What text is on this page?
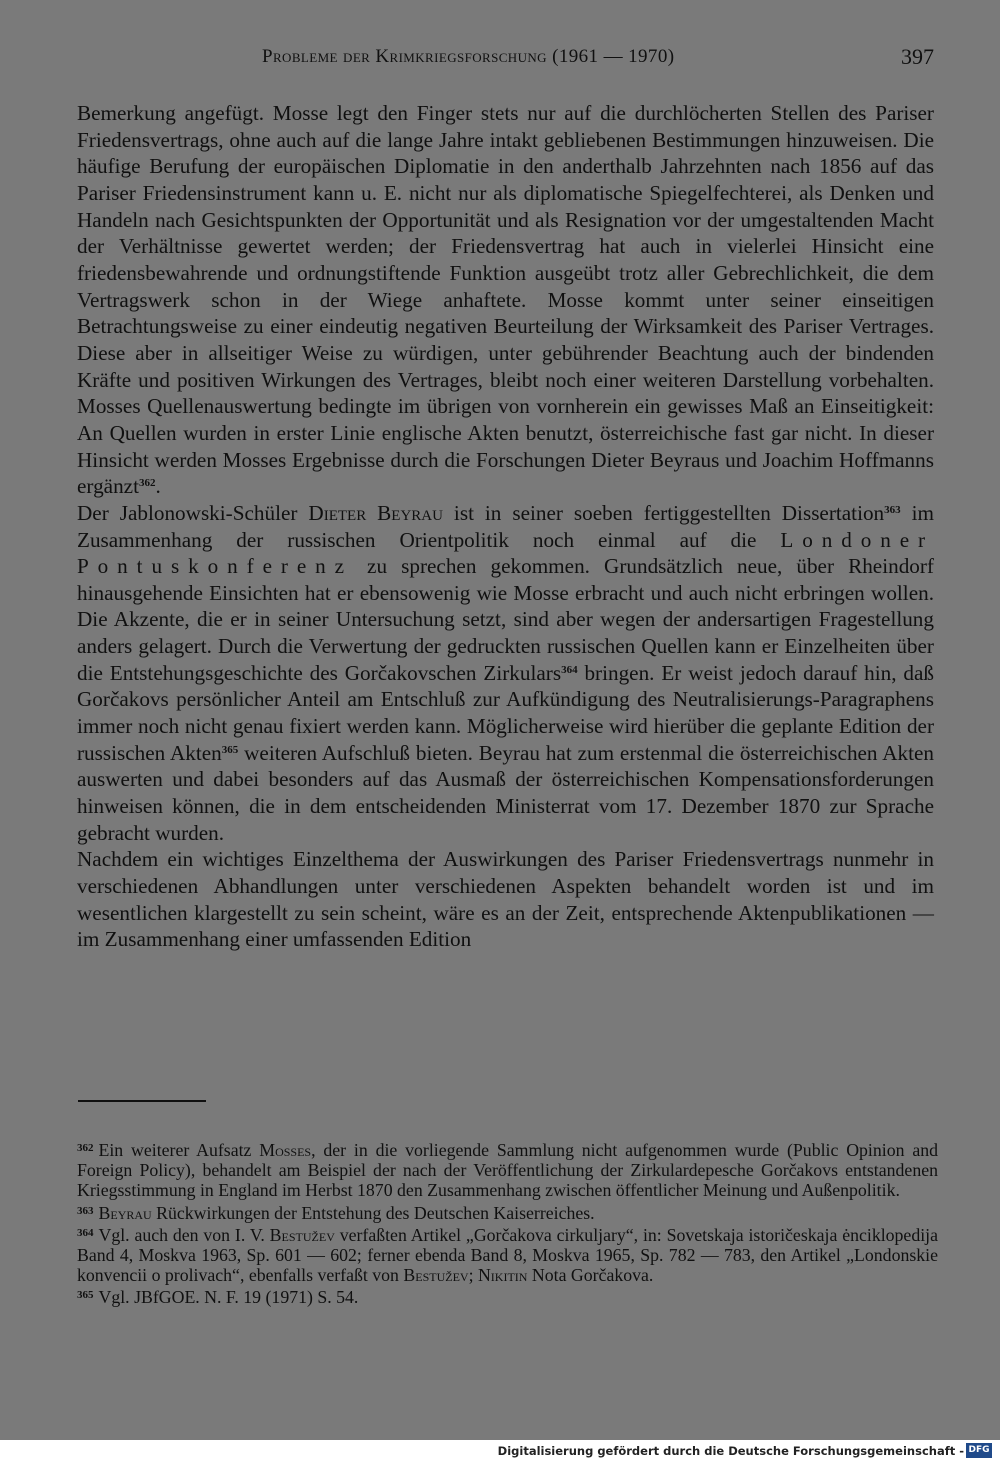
Probleme der Krimkriegsforschung (1961 — 1970)	397

Bemerkung angefügt. Mosse legt den Finger stets nur auf die durchlöcherten Stellen des Pariser Friedensvertrags, ohne auch auf die lange Jahre intakt gebliebenen Bestimmungen hinzuweisen. Die häufige Berufung der europäischen Diplomatie in den anderthalb Jahrzehnten nach 1856 auf das Pariser Friedensinstrument kann u. E. nicht nur als diplomatische Spiegelfechterei, als Denken und Handeln nach Gesichtspunkten der Opportunität und als Resignation vor der umgestaltenden Macht der Verhältnisse gewertet werden; der Friedensvertrag hat auch in vielerlei Hinsicht eine friedensbewahrende und ordnungstiftende Funktion ausgeübt trotz aller Gebrechlichkeit, die dem Vertragswerk schon in der Wiege anhaftete. Mosse kommt unter seiner einseitigen Betrachtungsweise zu einer eindeutig negativen Beurteilung der Wirksamkeit des Pariser Vertrages. Diese aber in allseitiger Weise zu würdigen, unter gebührender Beachtung auch der bindenden Kräfte und positiven Wirkungen des Vertrages, bleibt noch einer weiteren Darstellung vorbehalten. Mosses Quellenauswertung bedingte im übrigen von vornherein ein gewisses Maß an Einseitigkeit: An Quellen wurden in erster Linie englische Akten benutzt, österreichische fast gar nicht. In dieser Hinsicht werden Mosses Ergebnisse durch die Forschungen Dieter Beyraus und Joachim Hoffmanns ergänzt$^{362}$.

Der Jablonowski-Schüler Dieter Beyrau ist in seiner soeben fertiggestellten Dissertation$^{363}$ im Zusammenhang der russischen Orientpolitik noch einmal auf die Londoner Pontuskonferenz zu sprechen gekommen. Grundsätzlich neue, über Rheindorf hinausgehende Einsichten hat er ebensowenig wie Mosse erbracht und auch nicht erbringen wollen. Die Akzente, die er in seiner Untersuchung setzt, sind aber wegen der andersartigen Fragestellung anders gelagert. Durch die Verwertung der gedruckten russischen Quellen kann er Einzelheiten über die Entstehungsgeschichte des Gorčakovschen Zirkulars$^{364}$ bringen. Er weist jedoch darauf hin, daß Gorčakovs persönlicher Anteil am Entschluß zur Aufkündigung des Neutralisierungs-Paragraphens immer noch nicht genau fixiert werden kann. Möglicherweise wird hierüber die geplante Edition der russischen Akten$^{365}$ weiteren Aufschluß bieten. Beyrau hat zum erstenmal die österreichischen Akten auswerten und dabei besonders auf das Ausmaß der österreichischen Kompensationsforderungen hinweisen können, die in dem entscheidenden Ministerrat vom 17. Dezember 1870 zur Sprache gebracht wurden.

Nachdem ein wichtiges Einzelthema der Auswirkungen des Pariser Friedensvertrags nunmehr in verschiedenen Abhandlungen unter verschiedenen Aspekten behandelt worden ist und im wesentlichen klargestellt zu sein scheint, wäre es an der Zeit, entsprechende Aktenpublikationen — im Zusammenhang einer umfassenden Edition

$^{362}$ Ein weiterer Aufsatz Mosses, der in die vorliegende Sammlung nicht aufgenommen wurde (Public Opinion and Foreign Policy), behandelt am Beispiel der nach der Veröffentlichung der Zirkulardepesche Gorčakovs entstandenen Kriegsstimmung in England im Herbst 1870 den Zusammenhang zwischen öffentlicher Meinung und Außenpolitik.

$^{363}$ Beyrau Rückwirkungen der Entstehung des Deutschen Kaiserreiches.

$^{364}$ Vgl. auch den von I. V. Bestužev verfaßten Artikel „Gorčakova cirkuljary“, in: Sovetskaja istoričeskaja ėnciklopedija Band 4, Moskva 1963, Sp. 601 — 602; ferner ebenda Band 8, Moskva 1965, Sp. 782 — 783, den Artikel „Londonskie konvencii o prolivach“, ebenfalls verfaßt von Bestužev; Nikitin Nota Gorčakova.

$^{365}$ Vgl. JBfGOE. N. F. 19 (1971) S. 54.

Digitalisierung gefördert durch die Deutsche Forschungsgemeinschaft - DFG
